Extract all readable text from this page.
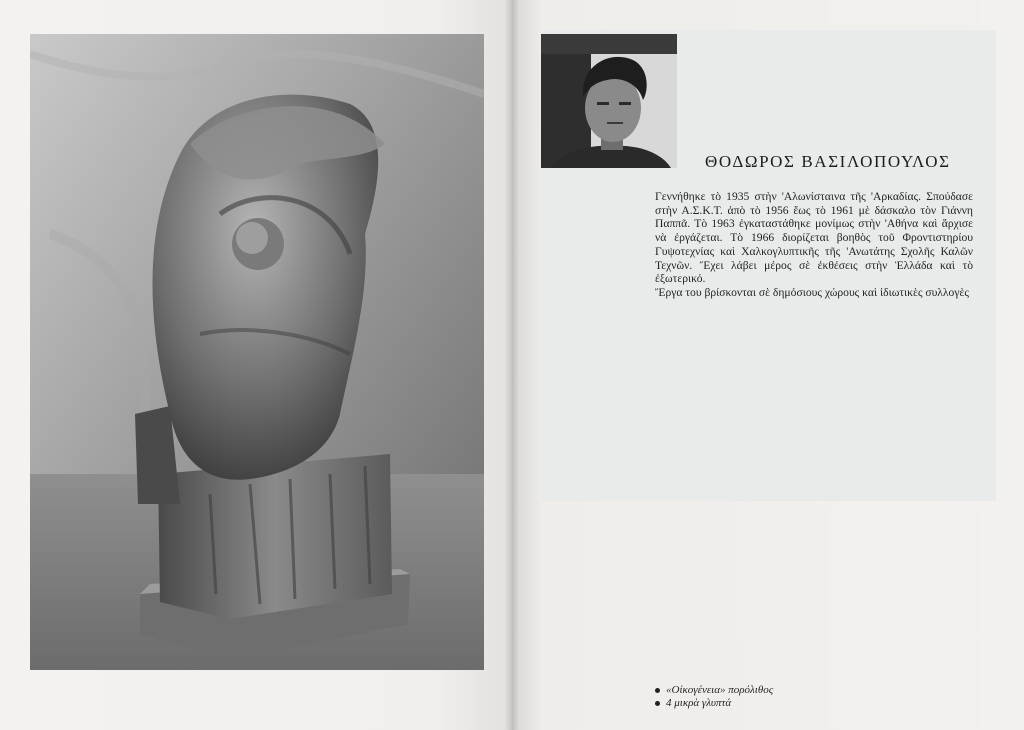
ΘΟΔΩΡΟΣ ΒΑΣΙΛΟΠΟΥΛΟΣ

Γεννήθηκε τὸ 1935 στὴν 'Αλωνίσταινα τῆς 'Αρκαδίας. Σπούδασε στὴν Α.Σ.Κ.Τ. ἀπὸ τὸ 1956 ἕως τὸ 1961 μὲ δάσκαλο τὸν Γιάννη Παππᾶ. Τὸ 1963 ἐγκαταστάθηκε μονίμως στὴν 'Αθήνα καὶ ἄρχισε νὰ ἐργάζεται. Τὸ 1966 διορίζεται βοηθὸς τοῦ Φροντιστηρίου Γυψοτεχνίας καὶ Χαλκογλυπτικῆς τῆς 'Ανωτάτης Σχολῆς Καλῶν Τεχνῶν. Ἔχει λάβει μέρος σὲ ἐκθέσεις στὴν Ἑλλάδα καὶ τὸ ἐξωτερικό.

Ἔργα του βρίσκονται σὲ δημόσιους χώρους καὶ ἰδιωτικὲς συλλογὲς

«Οἰκογένεια» πορόλιθος
4 μικρὰ γλυπτά
